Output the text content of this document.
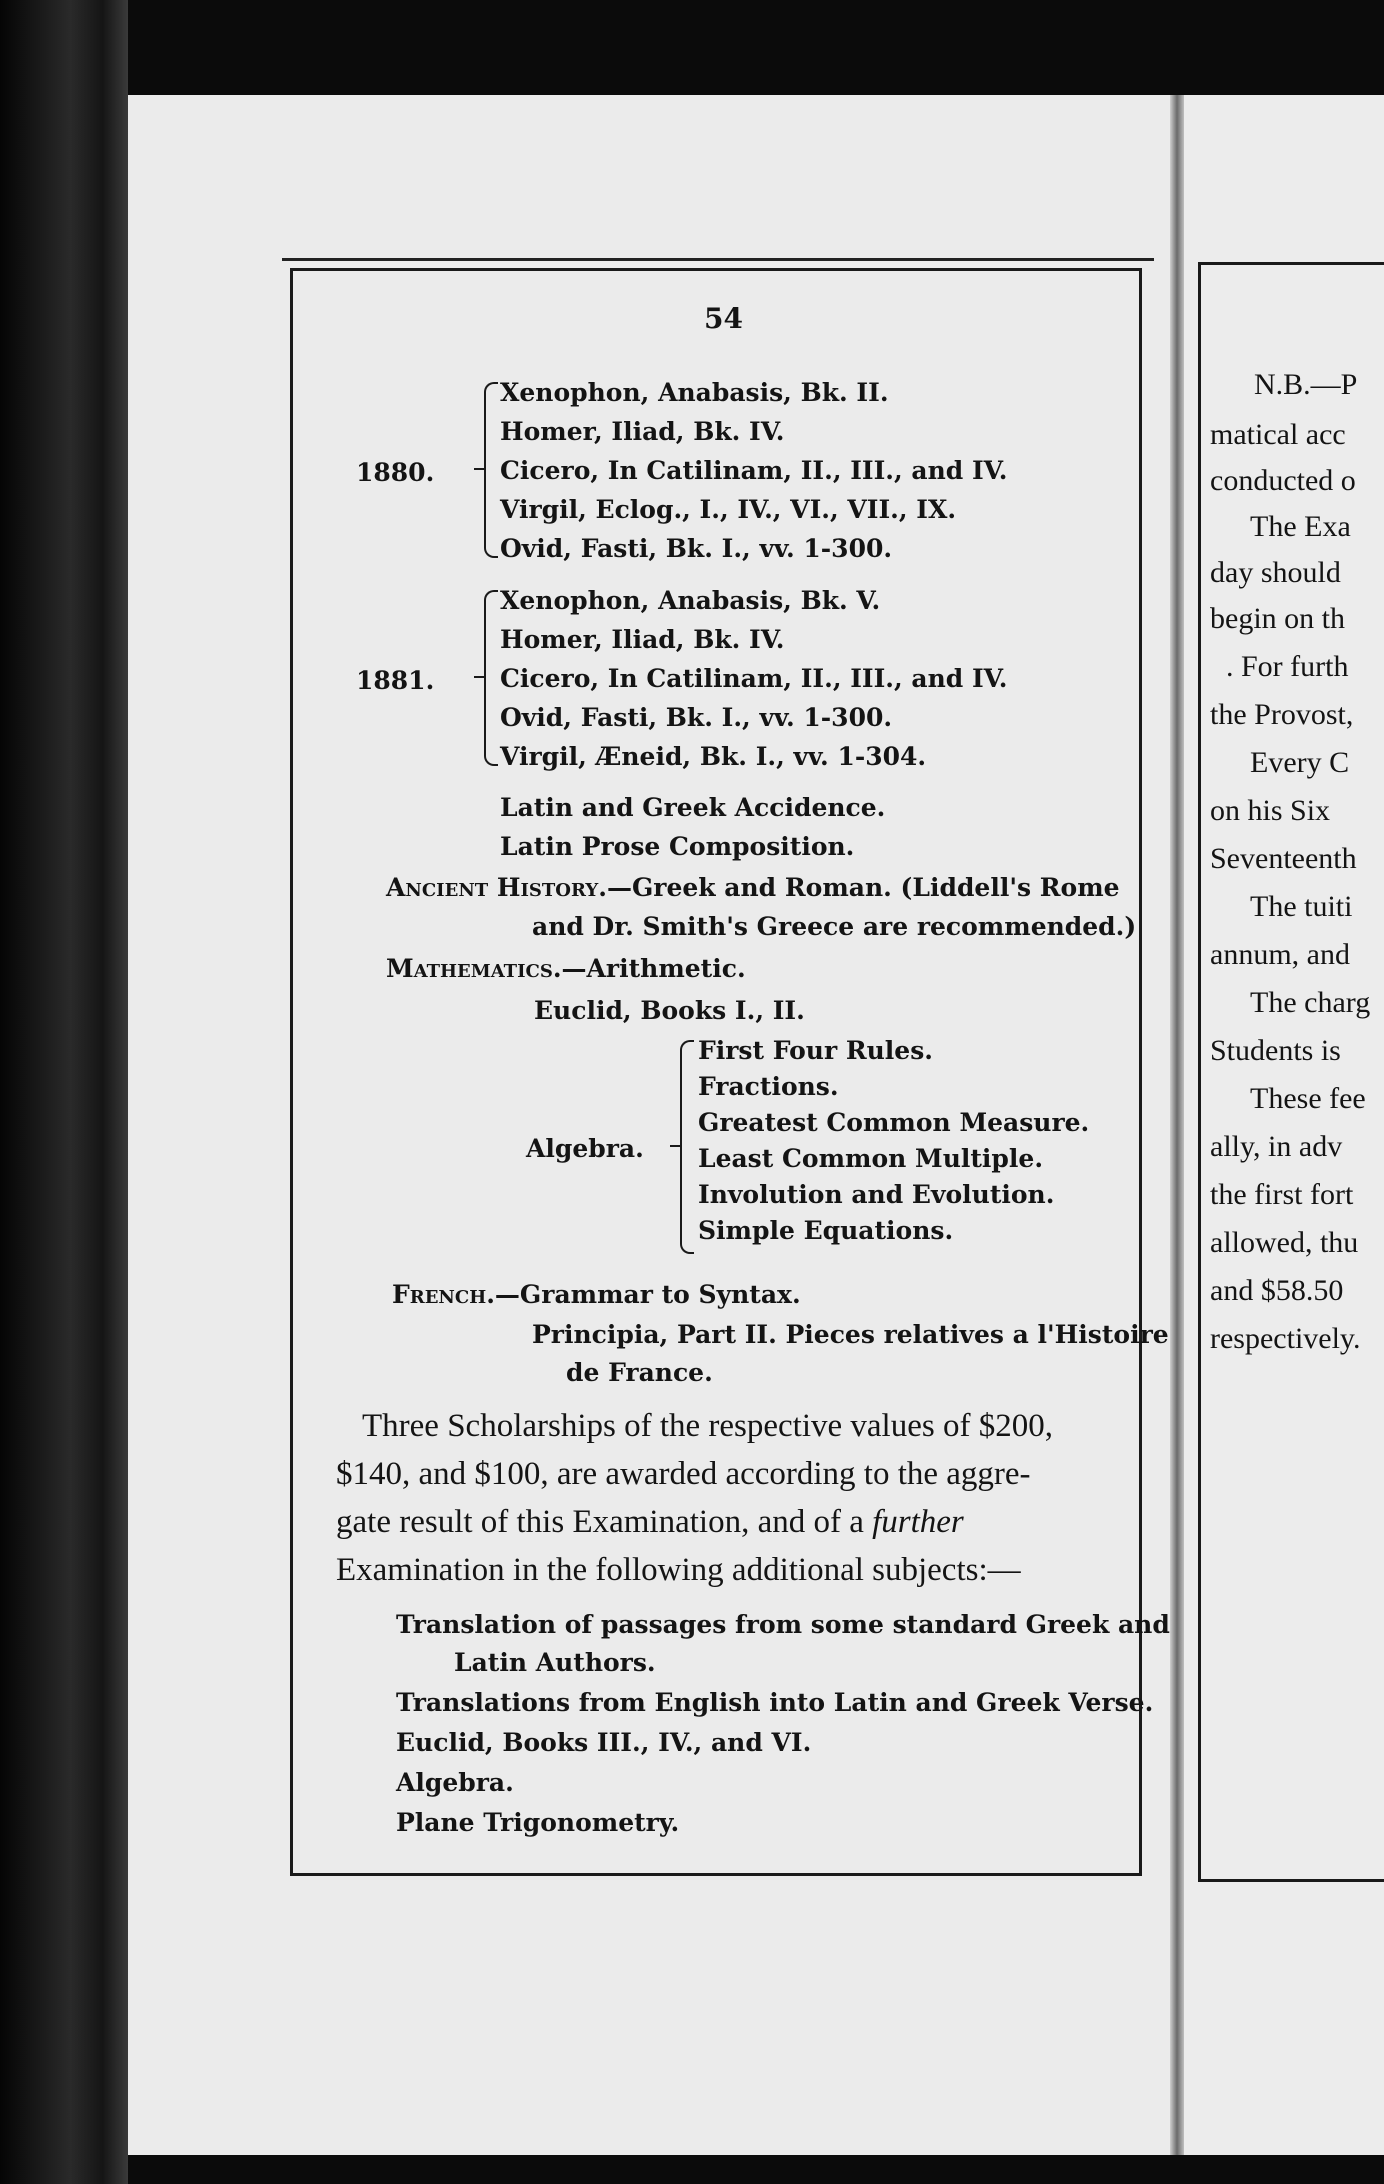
54
1880.
Xenophon, Anabasis, Bk. II.
Homer, Iliad, Bk. IV.
Cicero, In Catilinam, II., III., and IV.
Virgil, Eclog., I., IV., VI., VII., IX.
Ovid, Fasti, Bk. I., vv. 1-300.
1881.
Xenophon, Anabasis, Bk. V.
Homer, Iliad, Bk. IV.
Cicero, In Catilinam, II., III., and IV.
Ovid, Fasti, Bk. I., vv. 1-300.
Virgil, Æneid, Bk. I., vv. 1-304.
Latin and Greek Accidence.
Latin Prose Composition.
Ancient History.—Greek and Roman. (Liddell's Rome
and Dr. Smith's Greece are recommended.)
Mathematics.—Arithmetic.
Euclid, Books I., II.
Algebra.
First Four Rules.
Fractions.
Greatest Common Measure.
Least Common Multiple.
Involution and Evolution.
Simple Equations.
French.—Grammar to Syntax.
Principia, Part II. Pieces relatives a l'Histoire
de France.
Three Scholarships of the respective values of $200,
$140, and $100, are awarded according to the aggre-
gate result of this Examination, and of a further
Examination in the following additional subjects:—
Translation of passages from some standard Greek and
Latin Authors.
Translations from English into Latin and Greek Verse.
Euclid, Books III., IV., and VI.
Algebra.
Plane Trigonometry.
N.B.—P
matical acc
conducted o
The Exa
day should
begin on th
. For furth
the Provost,
Every C
on his Six
Seventeenth
The tuiti
annum, and
The charg
Students is
These fee
ally, in adv
the first fort
allowed, thu
and $58.50
respectively.
